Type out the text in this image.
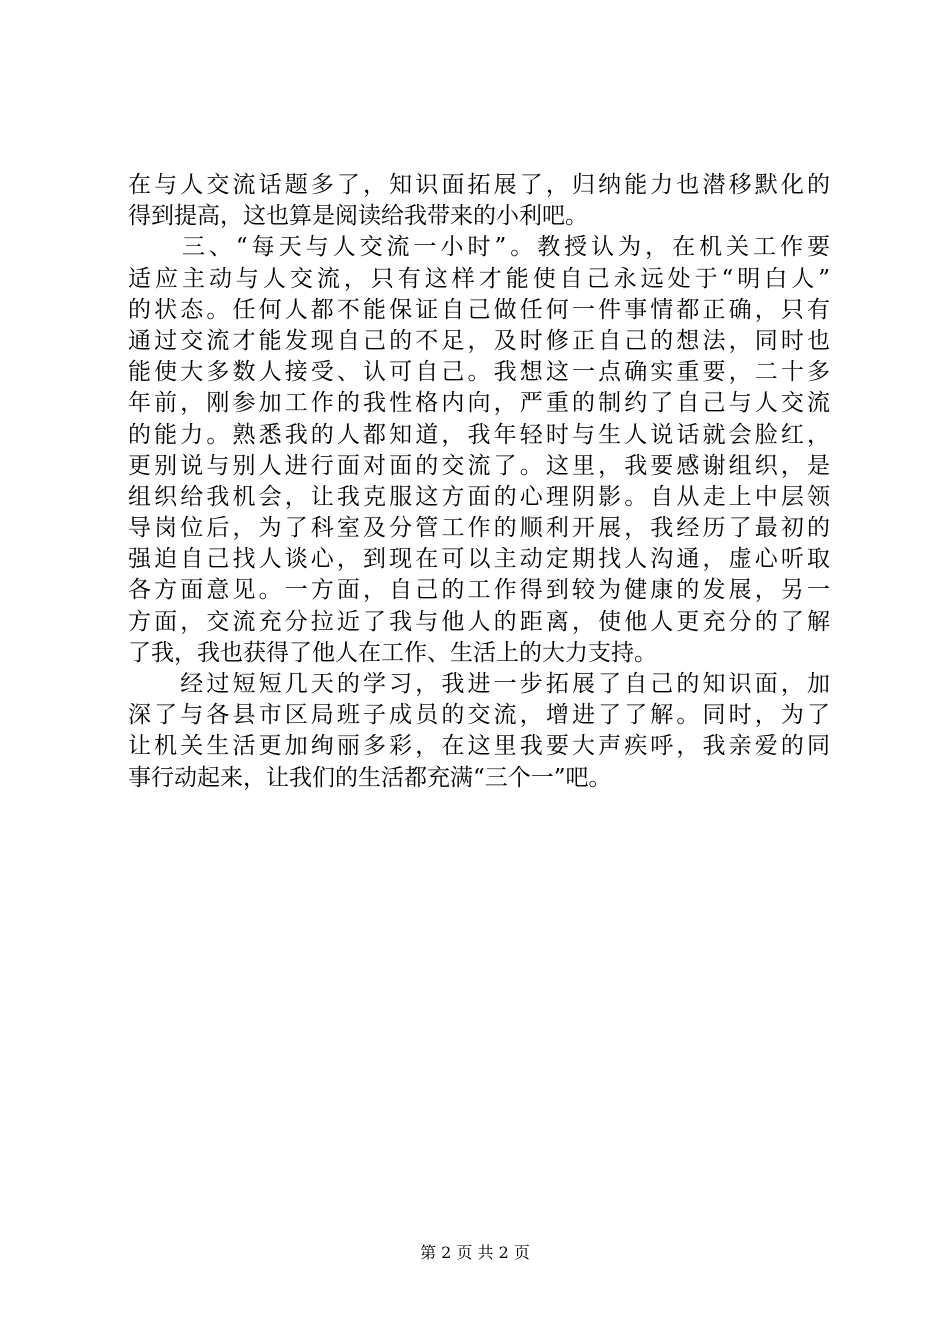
在与人交流话题多了，知识面拓展了，归纳能力也潜移默化的
得到提高，这也算是阅读给我带来的小利吧。
　　三、“每天与人交流一小时”。教授认为，在机关工作要
适应主动与人交流，只有这样才能使自己永远处于“明白人”
的状态。任何人都不能保证自己做任何一件事情都正确，只有
通过交流才能发现自己的不足，及时修正自己的想法，同时也
能使大多数人接受、认可自己。我想这一点确实重要，二十多
年前，刚参加工作的我性格内向，严重的制约了自己与人交流
的能力。熟悉我的人都知道，我年轻时与生人说话就会脸红，
更别说与别人进行面对面的交流了。这里，我要感谢组织，是
组织给我机会，让我克服这方面的心理阴影。自从走上中层领
导岗位后，为了科室及分管工作的顺利开展，我经历了最初的
强迫自己找人谈心，到现在可以主动定期找人沟通，虚心听取
各方面意见。一方面，自己的工作得到较为健康的发展，另一
方面，交流充分拉近了我与他人的距离，使他人更充分的了解
了我，我也获得了他人在工作、生活上的大力支持。
　　经过短短几天的学习，我进一步拓展了自己的知识面，加
深了与各县市区局班子成员的交流，增进了了解。同时，为了
让机关生活更加绚丽多彩，在这里我要大声疾呼，我亲爱的同
事行动起来，让我们的生活都充满“三个一”吧。
第 2 页 共 2 页
